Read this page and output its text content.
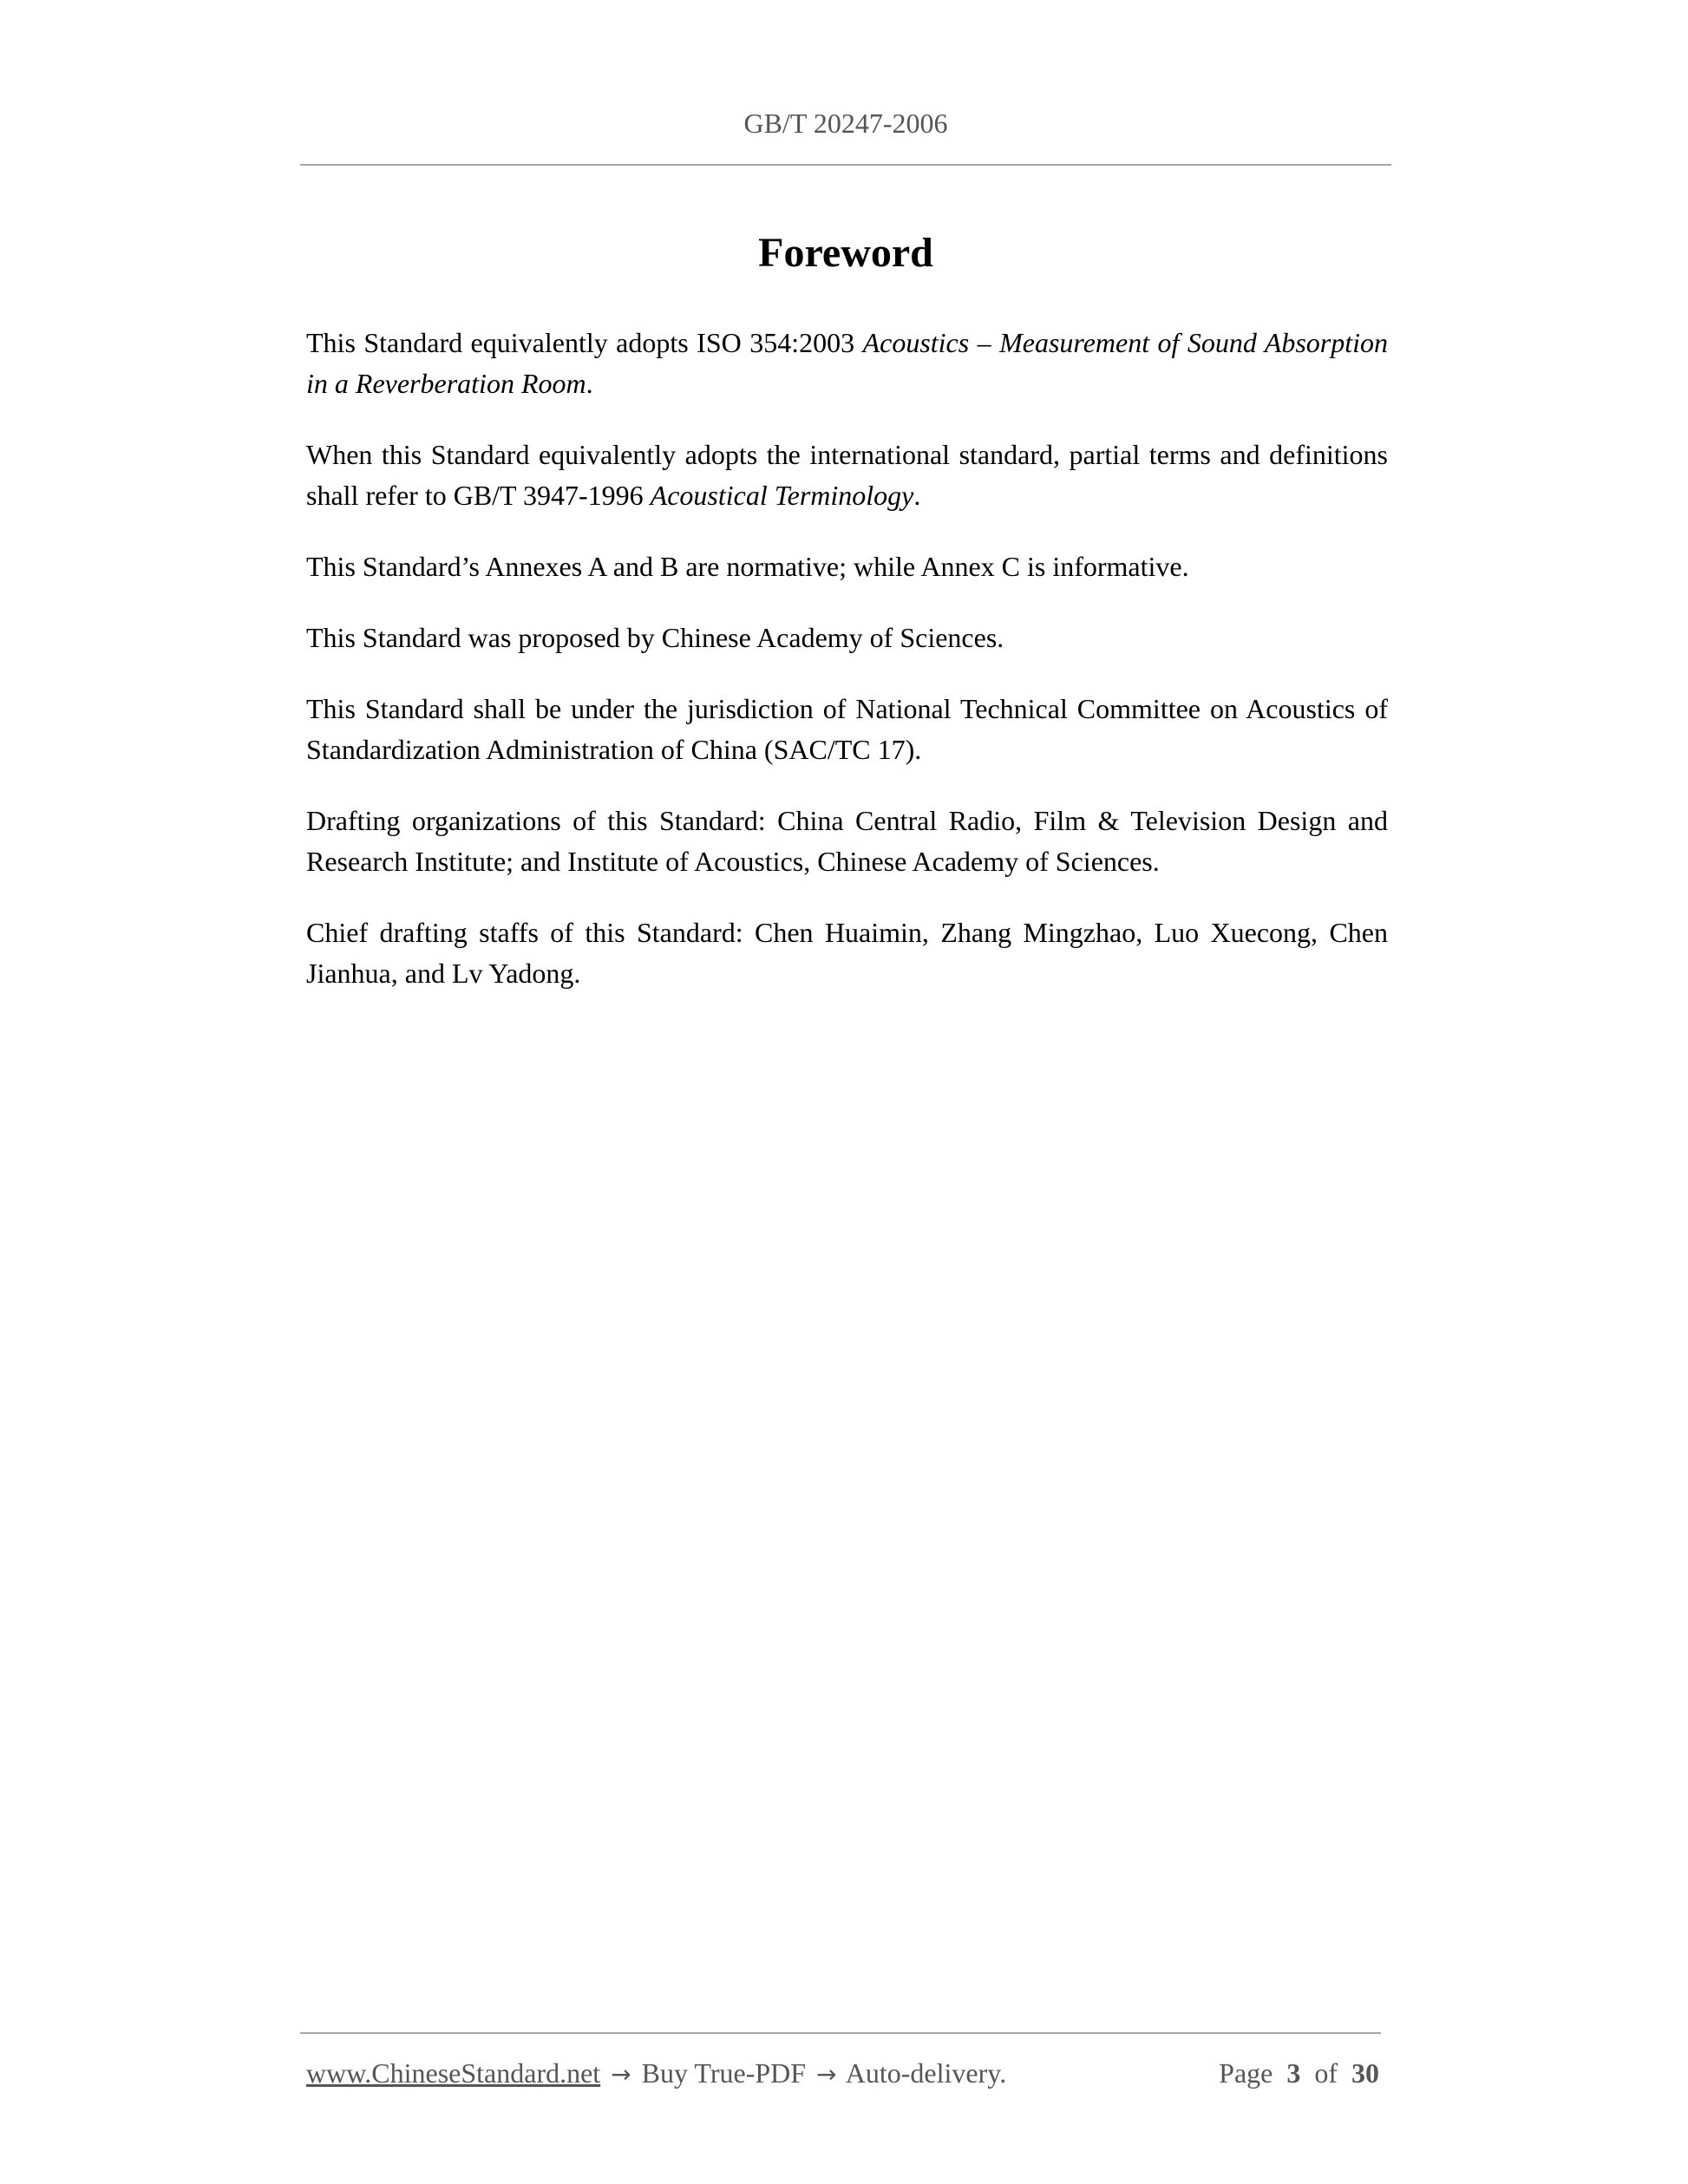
GB/T 20247-2006
Foreword

This Standard equivalently adopts ISO 354:2003 Acoustics – Measurement of Sound Absorption in a Reverberation Room.

When this Standard equivalently adopts the international standard, partial terms and definitions shall refer to GB/T 3947-1996 Acoustical Terminology.

This Standard’s Annexes A and B are normative; while Annex C is informative.

This Standard was proposed by Chinese Academy of Sciences.

This Standard shall be under the jurisdiction of National Technical Committee on Acoustics of Standardization Administration of China (SAC/TC 17).

Drafting organizations of this Standard: China Central Radio, Film & Television Design and Research Institute; and Institute of Acoustics, Chinese Academy of Sciences.

Chief drafting staffs of this Standard: Chen Huaimin, Zhang Mingzhao, Luo Xuecong, Chen Jianhua, and Lv Yadong.

www.ChineseStandard.net → Buy True-PDF → Auto-delivery.	Page 3 of 30
